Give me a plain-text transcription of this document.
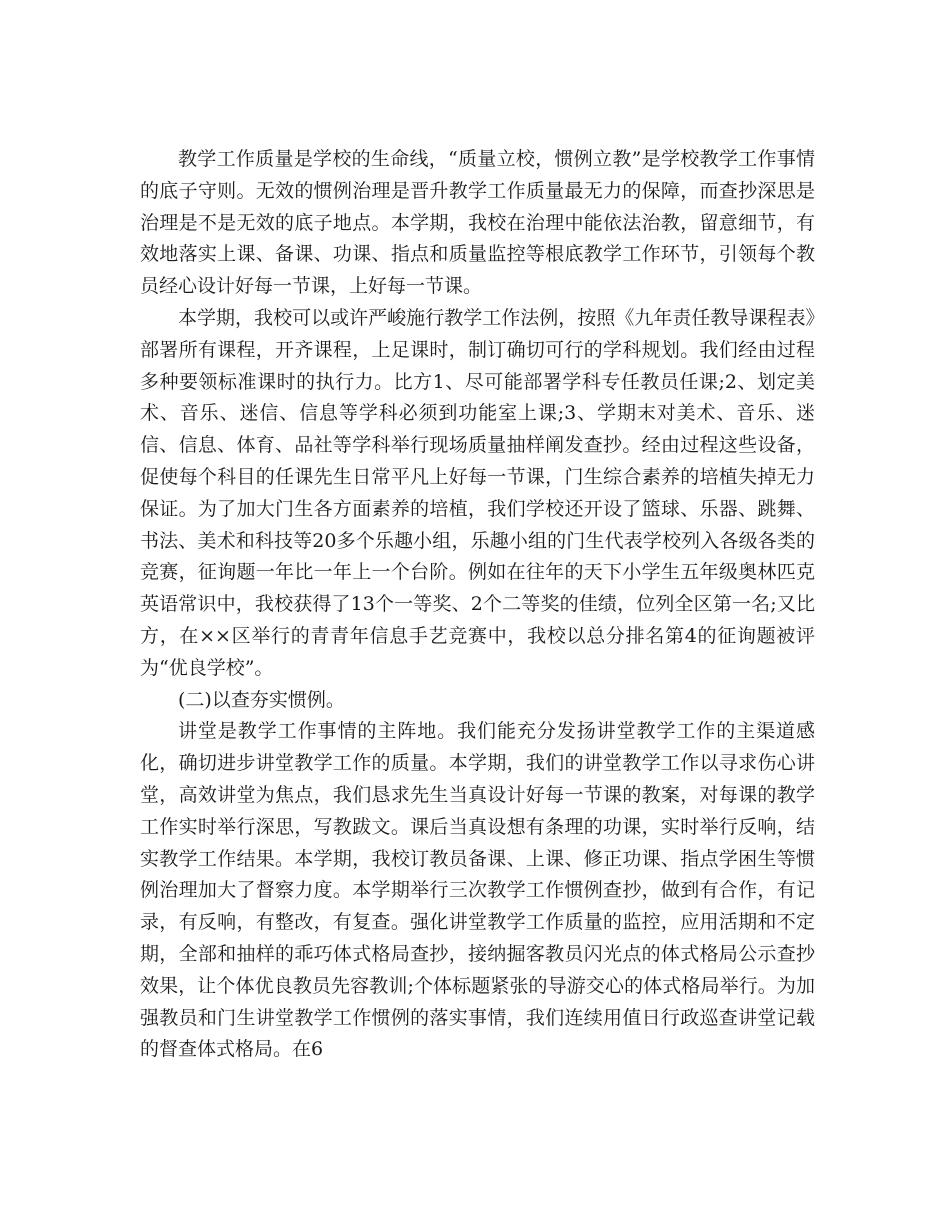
教学工作质量是学校的生命线，“质量立校，惯例立教”是学校教学工作事情的底子守则。无效的惯例治理是晋升教学工作质量最无力的保障，而查抄深思是治理是不是无效的底子地点。本学期，我校在治理中能依法治教，留意细节，有效地落实上课、备课、功课、指点和质量监控等根底教学工作环节，引领每个教员经心设计好每一节课，上好每一节课。

本学期，我校可以或许严峻施行教学工作法例，按照《九年责任教导课程表》部署所有课程，开齐课程，上足课时，制订确切可行的学科规划。我们经由过程多种要领标准课时的执行力。比方1、尽可能部署学科专任教员任课;2、划定美术、音乐、迷信、信息等学科必须到功能室上课;3、学期末对美术、音乐、迷信、信息、体育、品社等学科举行现场质量抽样阐发查抄。经由过程这些设备，促使每个科目的任课先生日常平凡上好每一节课，门生综合素养的培植失掉无力保证。为了加大门生各方面素养的培植，我们学校还开设了篮球、乐器、跳舞、书法、美术和科技等20多个乐趣小组，乐趣小组的门生代表学校列入各级各类的竞赛，征询题一年比一年上一个台阶。例如在往年的天下小学生五年级奥林匹克英语常识中，我校获得了13个一等奖、2个二等奖的佳绩，位列全区第一名;又比方，在××区举行的青青年信息手艺竞赛中，我校以总分排名第4的征询题被评为“优良学校”。

(二)以查夯实惯例。

讲堂是教学工作事情的主阵地。我们能充分发扬讲堂教学工作的主渠道感化，确切进步讲堂教学工作的质量。本学期，我们的讲堂教学工作以寻求伤心讲堂，高效讲堂为焦点，我们恳求先生当真设计好每一节课的教案，对每课的教学工作实时举行深思，写教跋文。课后当真设想有条理的功课，实时举行反响，结实教学工作结果。本学期，我校订教员备课、上课、修正功课、指点学困生等惯例治理加大了督察力度。本学期举行三次教学工作惯例查抄，做到有合作，有记录，有反响，有整改，有复查。强化讲堂教学工作质量的监控，应用活期和不定期，全部和抽样的乖巧体式格局查抄，接纳掘客教员闪光点的体式格局公示查抄效果，让个体优良教员先容教训;个体标题紧张的导游交心的体式格局举行。为加强教员和门生讲堂教学工作惯例的落实事情，我们连续用值日行政巡查讲堂记载的督查体式格局。在6
